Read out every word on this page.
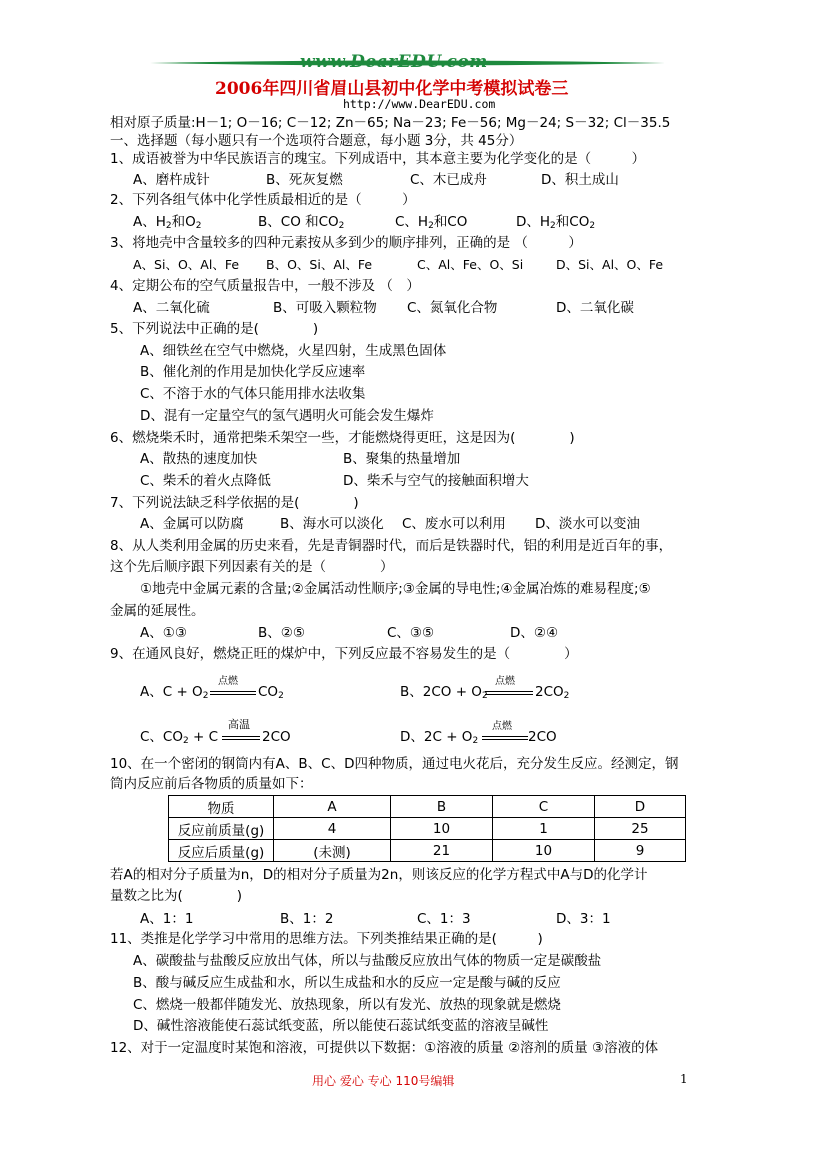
www.DearEDU.com
2006年四川省眉山县初中化学中考模拟试卷三
http://www.DearEDU.com
相对原子质量:H－1; O－16; C－12; Zn－65; Na－23; Fe－56; Mg－24; S－32; Cl－35.5
一、选择题（每小题只有一个选项符合题意，每小题 3分，共 45分）
1、成语被誉为中华民族语言的瑰宝。下列成语中，其本意主要为化学变化的是（　　　）
A、磨杵成针	B、死灰复燃	C、木已成舟	D、积土成山
2、下列各组气体中化学性质最相近的是（　　　）
A、$H_2$和$O_2$	B、CO 和$CO_2$	C、$H_2$和CO	D、$H_2$和$CO_2$
3、将地壳中含量较多的四种元素按从多到少的顺序排列，正确的是 （　　　）
A、Si、O、Al、Fe B、O、Si、Al、Fe	C、Al、Fe、O、Si	D、Si、Al、O、Fe
4、定期公布的空气质量报告中，一般不涉及 （　）
A、二氧化硫	B、可吸入颗粒物 C、氮氧化合物	D、二氧化碳
5、下列说法中正确的是(　　　　)
A、细铁丝在空气中燃烧，火星四射，生成黑色固体
B、催化剂的作用是加快化学反应速率
C、不溶于水的气体只能用排水法收集
D、混有一定量空气的氢气遇明火可能会发生爆炸
6、燃烧柴禾时，通常把柴禾架空一些，才能燃烧得更旺，这是因为(　　　　)
A、散热的速度加快	B、聚集的热量增加
C、柴禾的着火点降低	D、柴禾与空气的接触面积增大
7、下列说法缺乏科学依据的是(　　　　)
A、金属可以防腐	B、海水可以淡化 C、废水可以利用 D、淡水可以变油
8、从人类利用金属的历史来看，先是青铜器时代，而后是铁器时代，铝的利用是近百年的事，
这个先后顺序跟下列因素有关的是（　　　　）
①地壳中金属元素的含量;②金属活动性顺序;③金属的导电性;④金属冶炼的难易程度;⑤
金属的延展性。
A、①③	B、②⑤	C、③⑤	D、②④
9、在通风良好，燃烧正旺的煤炉中，下列反应最不容易发生的是（　　　　）
A、$C + O_2$
点燃
$CO_2$	B、$2CO + O_2$
点燃
$2CO_2$
C、$CO_2 + C$
高温
2CO	D、$2C + O_2$
点燃
2CO
10、在一个密闭的钢筒内有A、B、C、D四种物质，通过电火花后，充分发生反应。经测定，钢
筒内反应前后各物质的质量如下：
物质	A	B	C	D
反应前质量(g)	4	10	1	25
反应后质量(g)	(未测)	21	10	9
若A的相对分子质量为n，D的相对分子质量为2n，则该反应的化学方程式中A与D的化学计
量数之比为(　　　　)
A、1：1	B、1：2	C、1：3	D、3：1
11、类推是化学学习中常用的思维方法。下列类推结果正确的是(　　　)
A、碳酸盐与盐酸反应放出气体，所以与盐酸反应放出气体的物质一定是碳酸盐
B、酸与碱反应生成盐和水，所以生成盐和水的反应一定是酸与碱的反应
C、燃烧一般都伴随发光、放热现象，所以有发光、放热的现象就是燃烧
D、碱性溶液能使石蕊试纸变蓝，所以能使石蕊试纸变蓝的溶液呈碱性
12、对于一定温度时某饱和溶液，可提供以下数据：①溶液的质量 ②溶剂的质量 ③溶液的体
用心 爱心 专心 110号编辑	1
